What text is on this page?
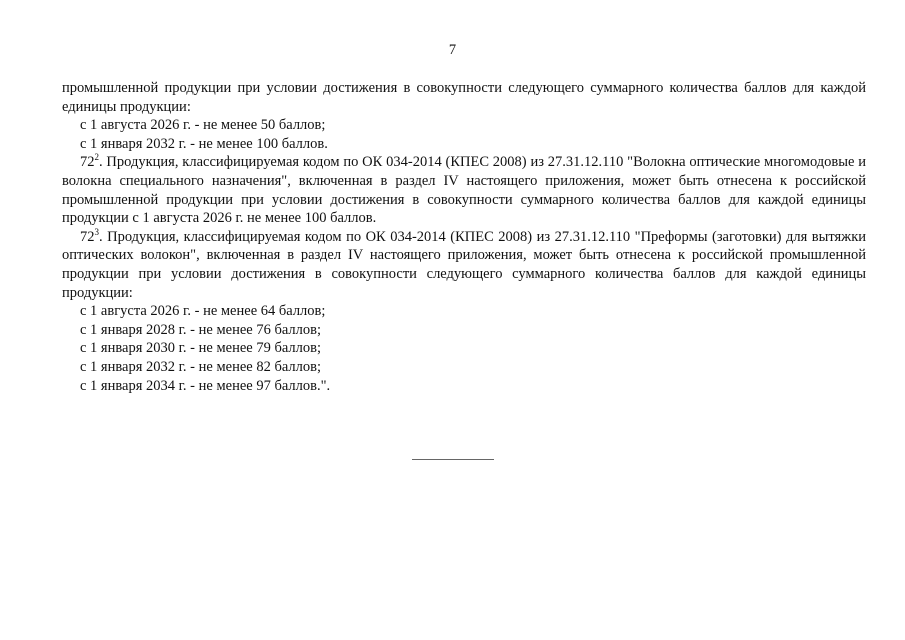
7

промышленной продукции при условии достижения в совокупности следующего суммарного количества баллов для каждой единицы продукции:

с 1 августа 2026 г. - не менее 50 баллов;

с 1 января 2032 г. - не менее 100 баллов.

$72^2$. Продукция, классифицируемая кодом по ОК 034-2014 (КПЕС 2008) из 27.31.12.110 "Волокна оптические многомодовые и волокна специального назначения", включенная в раздел IV настоящего приложения, может быть отнесена к российской промышленной продукции при условии достижения в совокупности суммарного количества баллов для каждой единицы продукции с 1 августа 2026 г. не менее 100 баллов.

$72^3$. Продукция, классифицируемая кодом по ОК 034-2014 (КПЕС 2008) из 27.31.12.110 "Преформы (заготовки) для вытяжки оптических волокон", включенная в раздел IV настоящего приложения, может быть отнесена к российской промышленной продукции при условии достижения в совокупности следующего суммарного количества баллов для каждой единицы продукции:

с 1 августа 2026 г. - не менее 64 баллов;

с 1 января 2028 г. - не менее 76 баллов;

с 1 января 2030 г. - не менее 79 баллов;

с 1 января 2032 г. - не менее 82 баллов;

с 1 января 2034 г. - не менее 97 баллов.".
